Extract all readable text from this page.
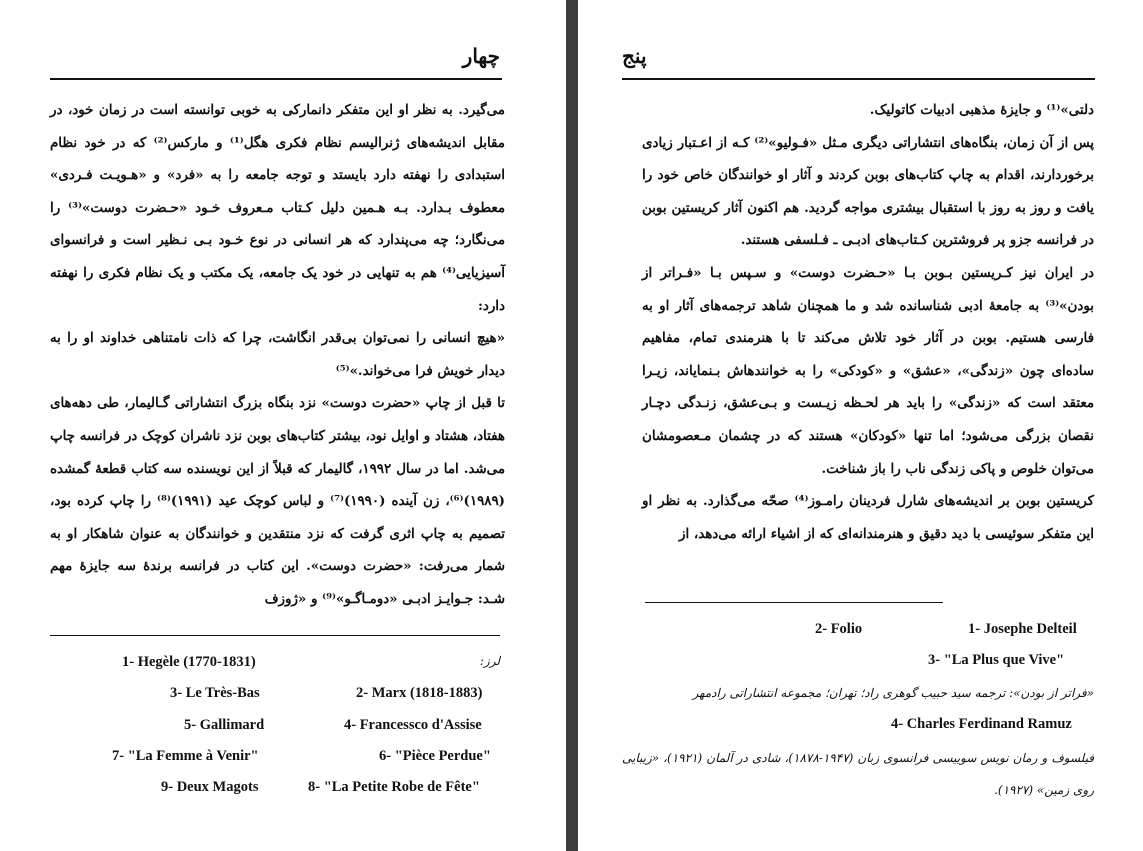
چهار

می‌گیرد. به نظر او این متفکر دانمارکی به خوبی توانسته است در زمان خود، در مقابل اندیشه‌های ژنرالیسم نظام فکری هگل⁽¹⁾ و مارکس⁽²⁾ که در خود نظام استبدادی را نهفته دارد بایستد و توجه جامعه را به «فرد» و «هـویـت فـردی» معطوف بـدارد. بـه هـمین دلیل کـتاب مـعروف خـود «حـضرت دوست»⁽³⁾ را می‌نگارد؛ چه می‌پندارد که هر انسانی در نوع خـود بـی نـظیر است و فرانسوای آسیزیایی⁽⁴⁾ هم به تنهایی در خود یک جامعه، یک مکتب و یک نظام فکری را نهفته دارد:

«هیچ انسانی را نمی‌توان بی‌قدر انگاشت، چرا که ذات نامتناهی خداوند او را به دیدار خویش فرا می‌خواند.»⁽⁵⁾

تا قبل از چاپ «حضرت دوست» نزد بنگاه بزرگ انتشاراتی گـالیمار، طی دهه‌های هفتاد، هشتاد و اوایل نود، بیشتر کتاب‌های بوبن نزد ناشران کوچک در فرانسه چاپ می‌شد. اما در سال ۱۹۹۲، گالیمار که قبلاً از این نویسنده سه کتاب قطعهٔ گمشده (۱۹۸۹)⁽⁶⁾، زن آینده (۱۹۹۰)⁽⁷⁾ و لباس کوچک عید (۱۹۹۱)⁽⁸⁾ را چاپ کرده بود، تصمیم به چاپ اثری گرفت که نزد منتقدین و خوانندگان به عنوان شاهکار او به شمار می‌رفت: «حضرت دوست». این کتاب در فرانسه برندهٔ سه جایزهٔ مهم شـد: جـوایـز ادبـی «دومـاگـو»⁽⁹⁾ و «ژوزف

لرز:
1- Hegèle (1770-1831)
2- Marx (1818-1883)
3- Le Très-Bas
4- Francessco d'Assise
5- Gallimard
6- "Pièce Perdue"
7- "La Femme à Venir"
8- "La Petite Robe de Fête"
9- Deux Magots
پنج

دلتی»⁽¹⁾ و جایزهٔ مذهبی ادبیات کاتولیک.

پس از آن زمان، بنگاه‌های انتشاراتی دیگری مـثل «فـولیو»⁽²⁾ کـه از اعـتبار زیادی برخوردارند، اقدام به چاپ کتاب‌های بوبن کردند و آثار او خوانندگان خاص خود را یافت و روز به روز با استقبال بیشتری مواجه گردید. هم اکنون آثار کریستین بوبن در فرانسه جزو پر فروشترین کـتاب‌های ادبـی ـ فـلسفی هستند.

در ایران نیز کـریستین بـوبن بـا «حـضرت دوست» و سـپس بـا «فـراتر از بودن»⁽³⁾ به جامعهٔ ادبی شناسانده شد و ما همچنان شاهد ترجمه‌های آثار او به فارسی هستیم. بوبن در آثار خود تلاش می‌کند تا با هنرمندی تمام، مفاهیم ساده‌ای چون «زندگی»، «عشق» و «کودکی» را به خوانندهاش بـنمایاند، زیـرا معتقد است که «زندگی» را باید هر لحـظه زیـست و بـی‌عشق، زنـدگی دچـار نقصان بزرگی می‌شود؛ اما تنها «کودکان» هستند که در چشمان مـعصومشان می‌توان خلوص و پاکی زندگی ناب را باز شناخت.

کریستین بوبن بر اندیشه‌های شارل فردینان رامـوز⁽⁴⁾ صحّه می‌گذارد. به نظر او این متفکر سوئیسی با دید دقیق و هنرمندانه‌ای که از اشیاء ارائه می‌دهد، از

1- Josephe Delteil
2- Folio
3- "La Plus que Vive"
«فراتر از بودن»: ترجمه سید حبیب گوهری راد؛ تهران؛ مجموعه انتشاراتی رادمهر
4- Charles Ferdinand Ramuz
فیلسوف و رمان نویس سوییسی فرانسوی زبان (۱۹۴۷-۱۸۷۸)، شادی در آلمان (۱۹۲۱)، «زیبایی روی زمین» (۱۹۲۷).
